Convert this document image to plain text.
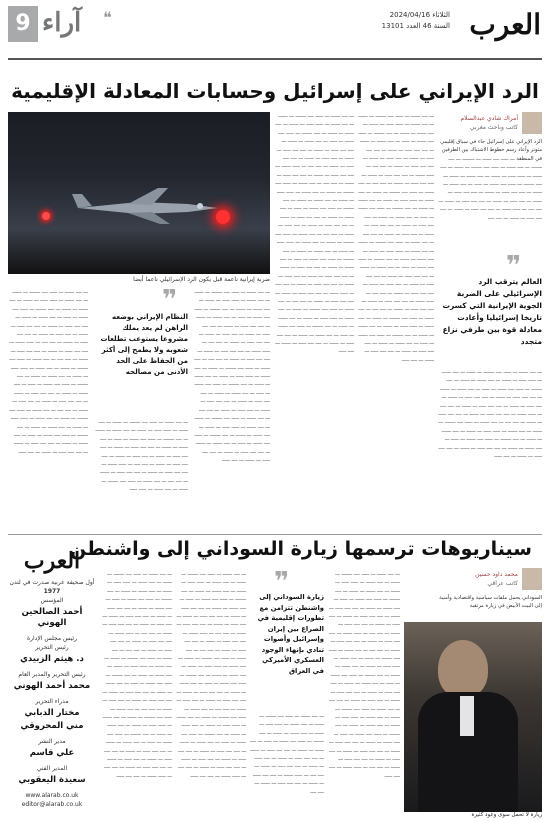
9	❝
آراء	الثلاثاء 2024/04/16
السنة 46 العدد 13101 العرب
الرد الإيراني على إسرائيل وحسابات المعادلة الإقليمية
أمراك شادي عبدالسلام
كاتب وباحث مغربي
الرد الإيراني على إسرائيل جاء في سياق إقليمي متوتر وأعاد رسم خطوط الاشتباك بين الطرفين في المنطقة ـــ ـــــ ــــ ــــــ ـــ ــــــــ ـــ ــــ ـــــــ ـــ ــــ ــــــ ـــ ـــــ ــــ ـــــــ ـــ ــــــ ـــ ــــ ــــــ ـــ ـــــ ـــــ ـــ ــــــ ـــ ــــ ــــــ ـــ ــــــ ـــ ــــ ـــــــ ـــ ـــــ ــــ ــــــ ـــ ـــــ ـــ ــــ ــــــ ـــ ــــــ ـــ ــــ ــــ ـــــ ـــ ــــــ ـــ ــــ ــــ ـــــ ـــ ــــــ ـــ ــــ ـــــ ـــ ــــــ ـــ ــــ ــــ ـــــ ـــ ــــــ ـــ ــــ ــــ ـــ ـــــ ــــــ ـــ ــــ ــــ ـــــ ـــ ــــــ ـــ ــــ ــــ ـــــ ـــ ــــــ ـــ ــــ ــــ
❞
العالم يترقب الرد الإسرائيلي على الضربة الجوية الإيرانية التي كسرت تاريخا إسرائيليا وأعادت معادلة قوة بين طرفي نزاع متجدد
ـــ ــــ ــــــ ـــ ـــــ ــــ ـــــــ ـــ ــــــ ـــ ــــ ــــــ ـــ ـــــ ـــــ ـــ ــــــ ـــ ــــ ــــــ ـــ ــــــ ـــ ــــ ـــــــ ـــ ـــــ ــــ ــــــ ـــ ـــــ ـــ ــــ ــــــ ـــ ــــــ ـــ ــــ ــــ ـــــ ـــ ــــــ ـــ ــــ ــــ ـــــ ـــ ــــــ ـــ ــــ ـــــ ـــ ــــــ ـــ ــــ ــــ ـــــ ـــ ــــــ ـــ ــــ ــــ ـــ ـــــ ــــــ ـــ ــــ ــــ ـــــ ـــ ــــــ ـــ ــــ ــــ ـــــ ـــ ــــــ ـــ ــــ ــــ ـــ ــــ ــــــ ـــ ـــــ ــــ ـــــــ ـــ ــــــ ـــ ــــ ــــــ ـــ ـــــ ـــــ ـــ ــــــ ـــ ــــ ــــــ ـــ ــــــ ـــ ــــ ـــــــ ـــ ـــــ ــــ ــــــ ـــ ـــــ ـــ ــــ ــــــ ـــ ــــــ ـــ ــــ ــــ ـــــ ـــ ــــــ ـــ ــــ ــــ ـــــ ـــ ــــــ ـــ ــــ ـــــ
ـــ ــــ ــــــ ـــ ـــــ ــــ ـــــــ ـــ ــــــ ـــ ــــ ــــــ ـــ ـــــ ـــــ ـــ ــــــ ـــ ــــ ــــــ ـــ ــــــ ـــ ــــ ـــــــ ـــ ـــــ ــــ ــــــ ـــ ـــــ ـــ ــــ ــــــ ـــ ــــــ ـــ ــــ ــــ ـــــ ـــ ــــــ ـــ ــــ ــــ ـــــ ـــ ــــــ ـــ ــــ ـــــ ـــ ــــــ ـــ ــــ ــــ ـــــ ـــ ــــــ ـــ ــــ ــــ ـــ ـــــ ــــــ ـــ ــــ ــــ ـــــ ـــ ــــــ ـــ ــــ ــــ ـــــ ـــ ــــــ ـــ ــــ ــــ ـــ ــــ ــــــ ـــ ـــــ ــــ ـــــــ ـــ ــــــ ـــ ــــ ــــــ ـــ ـــــ ـــــ ـــ ــــــ ـــ ــــ ــــــ ـــ ــــــ ـــ ــــ ـــــــ ـــ ـــــ ــــ ــــــ ـــ ـــــ ـــ ــــ ــــــ ـــ ــــــ ـــ ــــ ــــ ـــــ ـــ ــــــ ـــ ــــ ــــ ـــــ ـــ ــــــ ـــ ــــ ـــــ ـــ ــــــ ـــ ــــ ــــ ـــ ــــ ــــــ ـــ ـــــ ــــ ـــــــ ـــ ــــــ ـــ ــــ ــــــ ـــ ـــــ ـــــ ـــ ــــــ ـــ ــــ ــــــ ـــ ــــــ ـــ ــــ ـــــــ ـــ ـــــ ــــ ــــــ ـــ ـــــ ـــ ــــ ــــــ ـــ ــــــ ـــ ــــ ــــ ـــــ ـــ ــــــ ـــ ــــ ــــ ـــــ ـــ ــــــ ـــ ــــ ـــــ ـــ ــــــ ـــ ــــ ــــ ـــــ ـــ ــــــ ـــ ــــ ــــ ـــ ـــــ ــــــ ـــ ــــ ــــ ـــــ ـــ ــــــ ـــ ــــ ــــ ـــــ ـــ ــــــ ـــ ــــ ــــ ـــ ــــ ــــــ ـــ ـــــ ــــ ـــــــ ـــ ــــــ ـــ ــــ ــــــ ـــ ـــــ ـــــ ـــ ــــــ ـــ ــــ ــــــ ـــ ــــــ ـــ ــــ ـــــــ ـــ ـــــ ــــ ــــــ ـــ ـــــ ـــ ــــ ــــــ ـــ ــــــ ـــ ــــ ــــ ـــــ ـــ ــــــ ـــ ــــ ــــ ـــــ ـــ ــــــ ـــ ــــ ـــــ
ـــ ــــ ــــــ ـــ ـــــ ــــ ـــــــ ـــ ــــــ ـــ ــــ ــــــ ـــ ـــــ ـــــ ـــ ــــــ ـــ ــــ ــــــ ـــ ــــــ ـــ ــــ ـــــــ ـــ ـــــ ــــ ــــــ ـــ ـــــ ـــ ــــ ــــــ ـــ ــــــ ـــ ــــ ــــ ـــــ ـــ ــــــ ـــ ــــ ــــ ـــــ ـــ ــــــ ـــ ــــ ـــــ ـــ ــــــ ـــ ــــ ــــ ـــــ ـــ ــــــ ـــ ــــ ــــ ـــ ـــــ ــــــ ـــ ــــ ــــ ـــــ ـــ ــــــ ـــ ــــ ــــ ـــــ ـــ ــــــ ـــ ــــ ــــ ـــ ــــ ــــــ ـــ ـــــ ــــ ـــــــ ـــ ــــــ ـــ ــــ ــــــ ـــ ـــــ ـــــ ـــ ــــــ ـــ ــــ ــــــ ـــ ــــــ ـــ ــــ ـــــــ ـــ ـــــ ــــ ــــــ ـــ ـــــ ـــ ــــ ــــــ ـــ ــــــ ـــ ــــ ــــ ـــــ ـــ ــــــ ـــ ــــ ــــ ـــــ ـــ ــــــ ـــ ــــ ـــــ ـــ ــــــ ـــ ــــ ــــ ـــ ــــ ــــــ ـــ ـــــ ــــ ـــــــ ـــ ــــــ ـــ ــــ ــــــ ـــ ـــــ ـــــ ـــ ــــــ ـــ ــــ ــــــ ـــ ــــــ ـــ ــــ ـــــــ ـــ ـــــ ــــ ــــــ ـــ ـــــ ـــ ــــ ــــــ ـــ ــــــ ـــ ــــ ــــ ـــــ ـــ ــــــ ـــ ــــ ــــ ـــــ ـــ ــــــ ـــ ــــ ـــــ ـــ ــــــ ـــ ــــ ــــ ـــــ ـــ ــــــ ـــ ــــ ــــ ـــ ـــــ ــــــ ـــ ــــ ــــ ـــــ ـــ ــــــ ـــ ــــ ــــ ـــــ ـــ ــــــ ـــ ــــ ــــ ـــ ــــ ــــــ ـــ ـــــ ــــ ـــــــ ـــ ــــــ ـــ ــــ ــــــ ـــ ـــــ ـــــ ـــ ــــــ ـــ ــــ ــــــ ـــ ــــــ ـــ ــــ ـــــــ ـــ ـــــ ــــ ــــــ ـــ ـــــ ـــ ــــ ــــــ ـــ ــــــ ـــ ــــ ــــ ـــــ ـــ ــــــ ـــ ــــ ــــ ـــــ ـــ ــــــ ـــ ــــ ـــــ
ضربة إيرانية ناعمة قبل يكون الرد الإسرائيلي ناعما أيضا
ـــ ــــ ــــــ ـــ ـــــ ــــ ـــــــ ـــ ــــــ ـــ ــــ ــــــ ـــ ـــــ ـــــ ـــ ــــــ ـــ ــــ ــــــ ـــ ــــــ ـــ ــــ ـــــــ ـــ ـــــ ــــ ــــــ ـــ ـــــ ـــ ــــ ــــــ ـــ ــــــ ـــ ــــ ــــ ـــــ ـــ ــــــ ـــ ــــ ــــ ـــــ ـــ ــــــ ـــ ــــ ـــــ ـــ ــــــ ـــ ــــ ــــ ـــــ ـــ ــــــ ـــ ــــ ــــ ـــ ـــــ ــــــ ـــ ــــ ــــ ـــــ ـــ ــــــ ـــ ــــ ــــ ـــــ ـــ ــــــ ـــ ــــ ــــ ـــ ــــ ــــــ ـــ ـــــ ــــ ـــــــ ـــ ــــــ ـــ ــــ ــــــ ـــ ـــــ ـــــ ـــ ــــــ ـــ ــــ ــــــ ـــ ــــــ ـــ ــــ ـــــــ ـــ ـــــ ــــ ــــــ ـــ ـــــ ـــ ــــ ــــــ ـــ ــــــ ـــ ــــ ــــ ـــــ ـــ ــــــ ـــ ــــ ــــ ـــــ ـــ ــــــ ـــ ــــ ـــــ ـــ ــــــ ـــ ــــ ــــ ـــ ــــ ــــــ ـــ ـــــ ــــ ـــــــ ـــ ــــــ ـــ ــــ ــــــ ـــ ـــــ ـــــ ـــ ــــــ ـــ ــــ ــــــ ـــ ــــــ ـــ ــــ ـــــــ ـــ ـــــ ــــ ــــــ ـــ ـــــ ـــ ــــ ــــــ ـــ ــــــ ـــ ــــ ــــ ـــــ ـــ ــــــ ـــ ــــ ــــ ـــــ ـــ ــــــ ـــ ــــ ـــــ
❞
النظام الإيراني بوضعه الراهن لم يعد يملك مشروعا يستوعب تطلعات شعوبه ولا يطمح إلى أكثر من الحفاظ على الحد الأدنى من مصالحه
ـــ ــــ ــــــ ـــ ـــــ ــــ ـــــــ ـــ ــــــ ـــ ــــ ــــــ ـــ ـــــ ـــــ ـــ ــــــ ـــ ــــ ــــــ ـــ ــــــ ـــ ــــ ـــــــ ـــ ـــــ ــــ ــــــ ـــ ـــــ ـــ ــــ ــــــ ـــ ــــــ ـــ ــــ ــــ ـــــ ـــ ــــــ ـــ ــــ ــــ ـــــ ـــ ــــــ ـــ ــــ ـــــ ـــ ــــــ ـــ ــــ ــــ ـــــ ـــ ــــــ ـــ ــــ ــــ ـــ ـــــ ــــــ ـــ ــــ ــــ ـــــ ـــ ــــــ ـــ ــــ ــــ ـــــ ـــ ــــــ ـــ ــــ ــــ ـــ ــــ ــــــ ـــ ـــــ ــــ ـــــــ ـــ ــــــ ـــ ــــ ــــــ ـــ ـــــ ـــــ
ـــ ــــ ــــــ ـــ ـــــ ــــ ـــــــ ـــ ــــــ ـــ ــــ ــــــ ـــ ـــــ ـــــ ـــ ــــــ ـــ ــــ ــــــ ـــ ــــــ ـــ ــــ ـــــــ ـــ ـــــ ــــ ــــــ ـــ ـــــ ـــ ــــ ــــــ ـــ ــــــ ـــ ــــ ــــ ـــــ ـــ ــــــ ـــ ــــ ــــ ـــــ ـــ ــــــ ـــ ــــ ـــــ ـــ ــــــ ـــ ــــ ــــ ـــــ ـــ ــــــ ـــ ــــ ــــ ـــ ـــــ ــــــ ـــ ــــ ــــ ـــــ ـــ ــــــ ـــ ــــ ــــ ـــــ ـــ ــــــ ـــ ــــ ــــ ـــ ــــ ــــــ ـــ ـــــ ــــ ـــــــ ـــ ــــــ ـــ ــــ ــــــ ـــ ـــــ ـــــ ـــ ــــــ ـــ ــــ ــــــ ـــ ــــــ ـــ ــــ ـــــــ ـــ ـــــ ــــ ــــــ ـــ ـــــ ـــ ــــ ــــــ ـــ ــــــ ـــ ــــ ــــ ـــــ ـــ ــــــ ـــ ــــ ــــ ـــــ ـــ ــــــ ـــ ــــ ـــــ ـــ ــــــ ـــ ــــ ــــ ـــ ــــ ــــــ ـــ ـــــ ــــ ـــــــ ـــ ــــــ ـــ ــــ ــــــ ـــ ـــــ ـــــ ـــ ــــــ ـــ ــــ ــــــ ـــ ــــــ ـــ ــــ ـــــــ ـــ ـــــ ــــ ــــــ ـــ ـــــ ـــ ــــ ــــــ ـــ ــــــ ـــ ــــ ــــ ـــــ ـــ ــــــ ـــ ــــ ــــ ـــــ ـــ ــــــ ـــ ــــ ـــــ
سيناريوهات ترسمها زيارة السوداني إلى واشنطن
محمد داود حسين
كاتب عراقي
السوداني يحمل ملفات سياسية واقتصادية وأمنية إلى البيت الأبيض في زيارة مرتقبة
زيارة لا تحمل سوى وعود كثيرة
ـــ ــــ ــــــ ـــ ـــــ ــــ ـــــــ ـــ ــــــ ـــ ــــ ــــــ ـــ ـــــ ـــــ ـــ ــــــ ـــ ــــ ــــــ ـــ ــــــ ـــ ــــ ـــــــ ـــ ـــــ ــــ ــــــ ـــ ـــــ ـــ ــــ ــــــ ـــ ــــــ ـــ ــــ ــــ ـــــ ـــ ــــــ ـــ ــــ ــــ ـــــ ـــ ــــــ ـــ ــــ ـــــ ـــ ــــــ ـــ ــــ ــــ ـــــ ـــ ــــــ ـــ ــــ ــــ ـــ ـــــ ــــــ ـــ ــــ ــــ ـــــ ـــ ــــــ ـــ ــــ ــــ ـــــ ـــ ــــــ ـــ ــــ ــــ ـــ ــــ ــــــ ـــ ـــــ ــــ ـــــــ ـــ ــــــ ـــ ــــ ــــــ ـــ ـــــ ـــــ ـــ ــــــ ـــ ــــ ــــــ ـــ ــــــ ـــ ــــ ـــــــ ـــ ـــــ ــــ ــــــ ـــ ـــــ ـــ ــــ ــــــ ـــ ــــــ ـــ ــــ ــــ ـــــ ـــ ــــــ ـــ ــــ ــــ ـــــ ـــ ــــــ ـــ ــــ ـــــ ـــ ــــــ ـــ ــــ ــــ ـــ ــــ ــــــ ـــ ـــــ ــــ ـــــــ ـــ ــــــ ـــ ــــ ــــــ ـــ ـــــ ـــــ ـــ ــــــ ـــ ــــ ــــــ ـــ ــــــ ـــ ــــ ـــــــ ـــ ـــــ ــــ ــــــ ـــ ـــــ ـــ ــــ ــــــ ـــ ــــــ ـــ ــــ ــــ ـــــ ـــ ــــــ ـــ ــــ ــــ ـــــ ـــ ــــــ ـــ ــــ ـــــ ـــ ــــــ ـــ ــــ ــــ ـــــ ـــ ــــــ ـــ ــــ ــــ ـــ ـــــ ــــــ ـــ ــــ ــــ ـــــ
❞
زيارة السوداني إلى واشنطن تتزامن مع تطورات إقليمية في الصراع بين إيران وإسرائيل وأصوات تنادي بإنهاء الوجود العسكري الأميركي في العراق
ـــ ــــ ــــــ ـــ ـــــ ــــ ـــــــ ـــ ــــــ ـــ ــــ ــــــ ـــ ـــــ ـــــ ـــ ــــــ ـــ ــــ ــــــ ـــ ــــــ ـــ ــــ ـــــــ ـــ ـــــ ــــ ــــــ ـــ ـــــ ـــ ــــ ــــــ ـــ ــــــ ـــ ــــ ــــ ـــــ ـــ ــــــ ـــ ــــ ــــ ـــــ ـــ ــــــ ـــ ــــ ـــــ ـــ ــــــ ـــ ــــ ــــ ـــــ ـــ ــــــ ـــ ــــ ــــ ـــ ـــــ ــــــ ـــ ــــ ــــ ـــــ ـــ ــــــ ـــ ــــ ــــ ـــــ ـــ ــــــ ـــ ــــ ــــ
ـــ ــــ ــــــ ـــ ـــــ ــــ ـــــــ ـــ ــــــ ـــ ــــ ــــــ ـــ ـــــ ـــــ ـــ ــــــ ـــ ــــ ــــــ ـــ ــــــ ـــ ــــ ـــــــ ـــ ـــــ ــــ ــــــ ـــ ـــــ ـــ ــــ ــــــ ـــ ــــــ ـــ ــــ ــــ ـــــ ـــ ــــــ ـــ ــــ ــــ ـــــ ـــ ــــــ ـــ ــــ ـــــ ـــ ــــــ ـــ ــــ ــــ ـــــ ـــ ــــــ ـــ ــــ ــــ ـــ ـــــ ــــــ ـــ ــــ ــــ ـــــ ـــ ــــــ ـــ ــــ ــــ ـــــ ـــ ــــــ ـــ ــــ ــــ ـــ ــــ ــــــ ـــ ـــــ ــــ ـــــــ ـــ ــــــ ـــ ــــ ــــــ ـــ ـــــ ـــــ ـــ ــــــ ـــ ــــ ــــــ ـــ ــــــ ـــ ــــ ـــــــ ـــ ـــــ ــــ ــــــ ـــ ـــــ ـــ ــــ ــــــ ـــ ــــــ ـــ ــــ ــــ ـــــ ـــ ــــــ ـــ ــــ ــــ ـــــ ـــ ــــــ ـــ ــــ ـــــ ـــ ــــــ ـــ ــــ ــــ ـــ ــــ ــــــ ـــ ـــــ ــــ ـــــــ ـــ ــــــ ـــ ــــ ــــــ ـــ ـــــ ـــــ ـــ ــــــ ـــ ــــ ــــــ ـــ ــــــ ـــ ــــ ـــــــ ـــ ـــــ ــــ ــــــ ـــ ـــــ ـــ ــــ ــــــ ـــ ــــــ ـــ ــــ ــــ ـــــ ـــ ــــــ ـــ ــــ ــــ ـــــ ـــ ــــــ ـــ ــــ ـــــ ـــ ــــــ ـــ ــــ ــــ ـــــ ـــ ــــــ ـــ ــــ ــــ ـــ ـــــ ــــــ ـــ ــــ ــــ ـــــ
ـــ ــــ ــــــ ـــ ـــــ ــــ ـــــــ ـــ ــــــ ـــ ــــ ــــــ ـــ ـــــ ـــــ ـــ ــــــ ـــ ــــ ــــــ ـــ ــــــ ـــ ــــ ـــــــ ـــ ـــــ ــــ ــــــ ـــ ـــــ ـــ ــــ ــــــ ـــ ــــــ ـــ ــــ ــــ ـــــ ـــ ــــــ ـــ ــــ ــــ ـــــ ـــ ــــــ ـــ ــــ ـــــ ـــ ــــــ ـــ ــــ ــــ ـــــ ـــ ــــــ ـــ ــــ ــــ ـــ ـــــ ــــــ ـــ ــــ ــــ ـــــ ـــ ــــــ ـــ ــــ ــــ ـــــ ـــ ــــــ ـــ ــــ ــــ ـــ ــــ ــــــ ـــ ـــــ ــــ ـــــــ ـــ ــــــ ـــ ــــ ــــــ ـــ ـــــ ـــــ ـــ ــــــ ـــ ــــ ــــــ ـــ ــــــ ـــ ــــ ـــــــ ـــ ـــــ ــــ ــــــ ـــ ـــــ ـــ ــــ ــــــ ـــ ــــــ ـــ ــــ ــــ ـــــ ـــ ــــــ ـــ ــــ ــــ ـــــ ـــ ــــــ ـــ ــــ ـــــ ـــ ــــــ ـــ ــــ ــــ ـــ ــــ ــــــ ـــ ـــــ ــــ ـــــــ ـــ ــــــ ـــ ــــ ــــــ ـــ ـــــ ـــــ ـــ ــــــ ـــ ــــ ــــــ ـــ ــــــ ـــ ــــ ـــــــ ـــ ـــــ ــــ ــــــ ـــ ـــــ ـــ ــــ ــــــ ـــ ــــــ ـــ ــــ ــــ ـــــ ـــ ــــــ ـــ ــــ ــــ ـــــ ـــ ــــــ ـــ ــــ ـــــ ـــ ــــــ ـــ ــــ ــــ ـــــ ـــ ــــــ ـــ ــــ ــــ ـــ ـــــ ــــــ ـــ ــــ ــــ ـــــ
العرب
أول صحيفة عربية صدرت في لندن
1977
المؤسس
أحمد الصالحين الهوني
رئيس مجلس الإدارة
رئيس التحرير
د. هيثم الزبيدي
رئيس التحرير والمدير العام
محمد أحمد الهوني
مدراء التحرير
مختار الدبابي
مني المحروقي
مدير النشر
علي قاسم
المدير الفني
سعيدة اليعقوبي
www.alarab.co.uk
editor@alarab.co.uk
